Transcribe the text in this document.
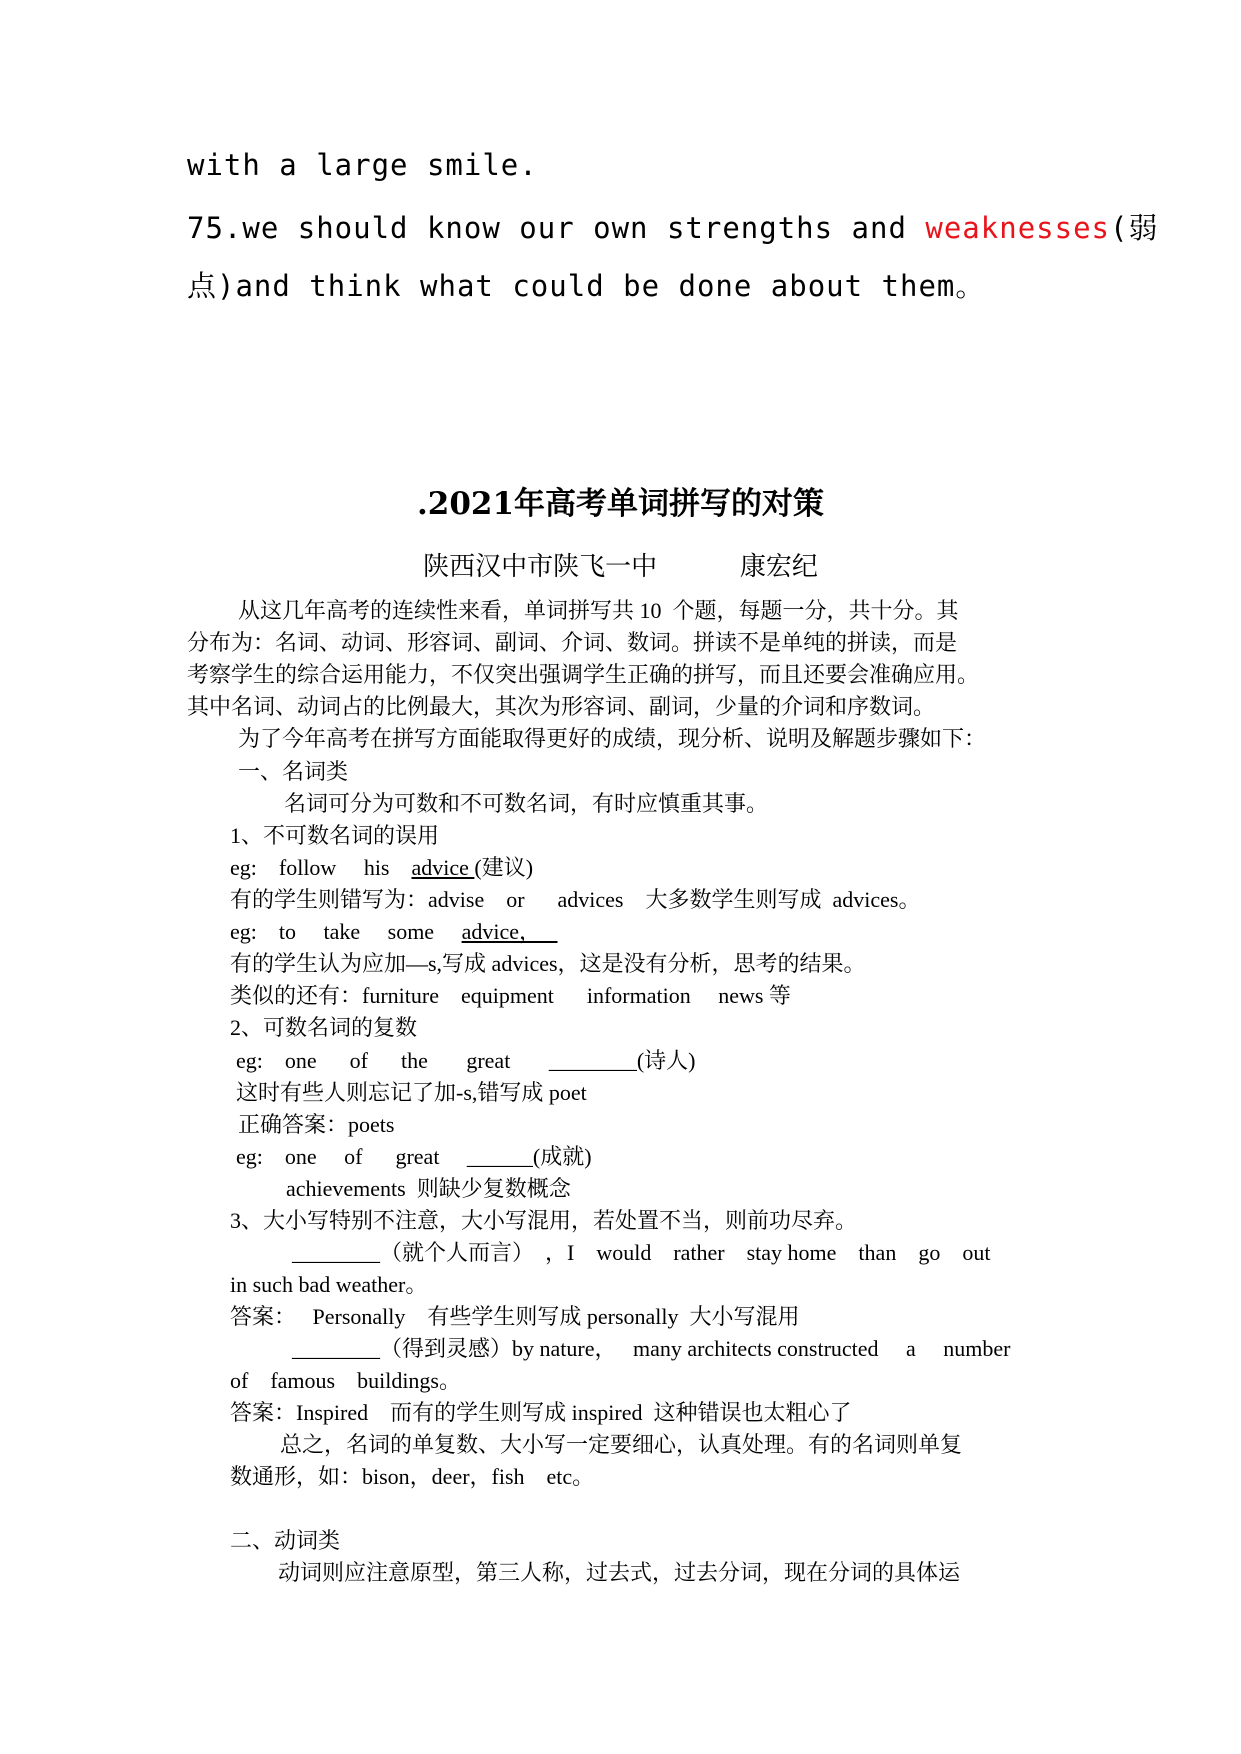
with a large smile.
75.we should know our own strengths and weaknesses(弱
点)and think what could be done about them。
.2021年高考单词拼写的对策
陕西汉中市陕飞一中          康宏纪
从这几年高考的连续性来看，单词拼写共 10  个题，每题一分，共十分。其
分布为：名词、动词、形容词、副词、介词、数词。拼读不是单纯的拼读，而是
考察学生的综合运用能力，不仅突出强调学生正确的拼写，而且还要会准确应用。
其中名词、动词占的比例最大，其次为形容词、副词，少量的介词和序数词。
为了今年高考在拼写方面能取得更好的成绩，现分析、说明及解题步骤如下：
一、名词类
名词可分为可数和不可数名词，有时应慎重其事。
1、不可数名词的误用
eg:    follow     his    advice (建议)
有的学生则错写为：advise    or      advices    大多数学生则写成  advices。
eg:    to     take     some     advice，
有的学生认为应加—s,写成 advices，这是没有分析，思考的结果。
类似的还有：furniture    equipment      information     news 等
2、可数名词的复数
eg:    one      of      the       great       ________(诗人)
这时有些人则忘记了加-s,错写成 poet
正确答案：poets
eg:    one     of      great     ______(成就)
achievements  则缺少复数概念
3、大小写特别不注意，大小写混用，若处置不当，则前功尽弃。
________（就个人而言）  ，I    would    rather    stay home    than    go    out
in such bad weather。
答案：   Personally    有些学生则写成 personally  大小写混用
________（得到灵感）by nature，   many architects constructed     a     number
of    famous    buildings。
答案：Inspired    而有的学生则写成 inspired  这种错误也太粗心了
总之，名词的单复数、大小写一定要细心，认真处理。有的名词则单复
数通形，如：bison，deer，fish    etc。
二、动词类
动词则应注意原型，第三人称，过去式，过去分词，现在分词的具体运
